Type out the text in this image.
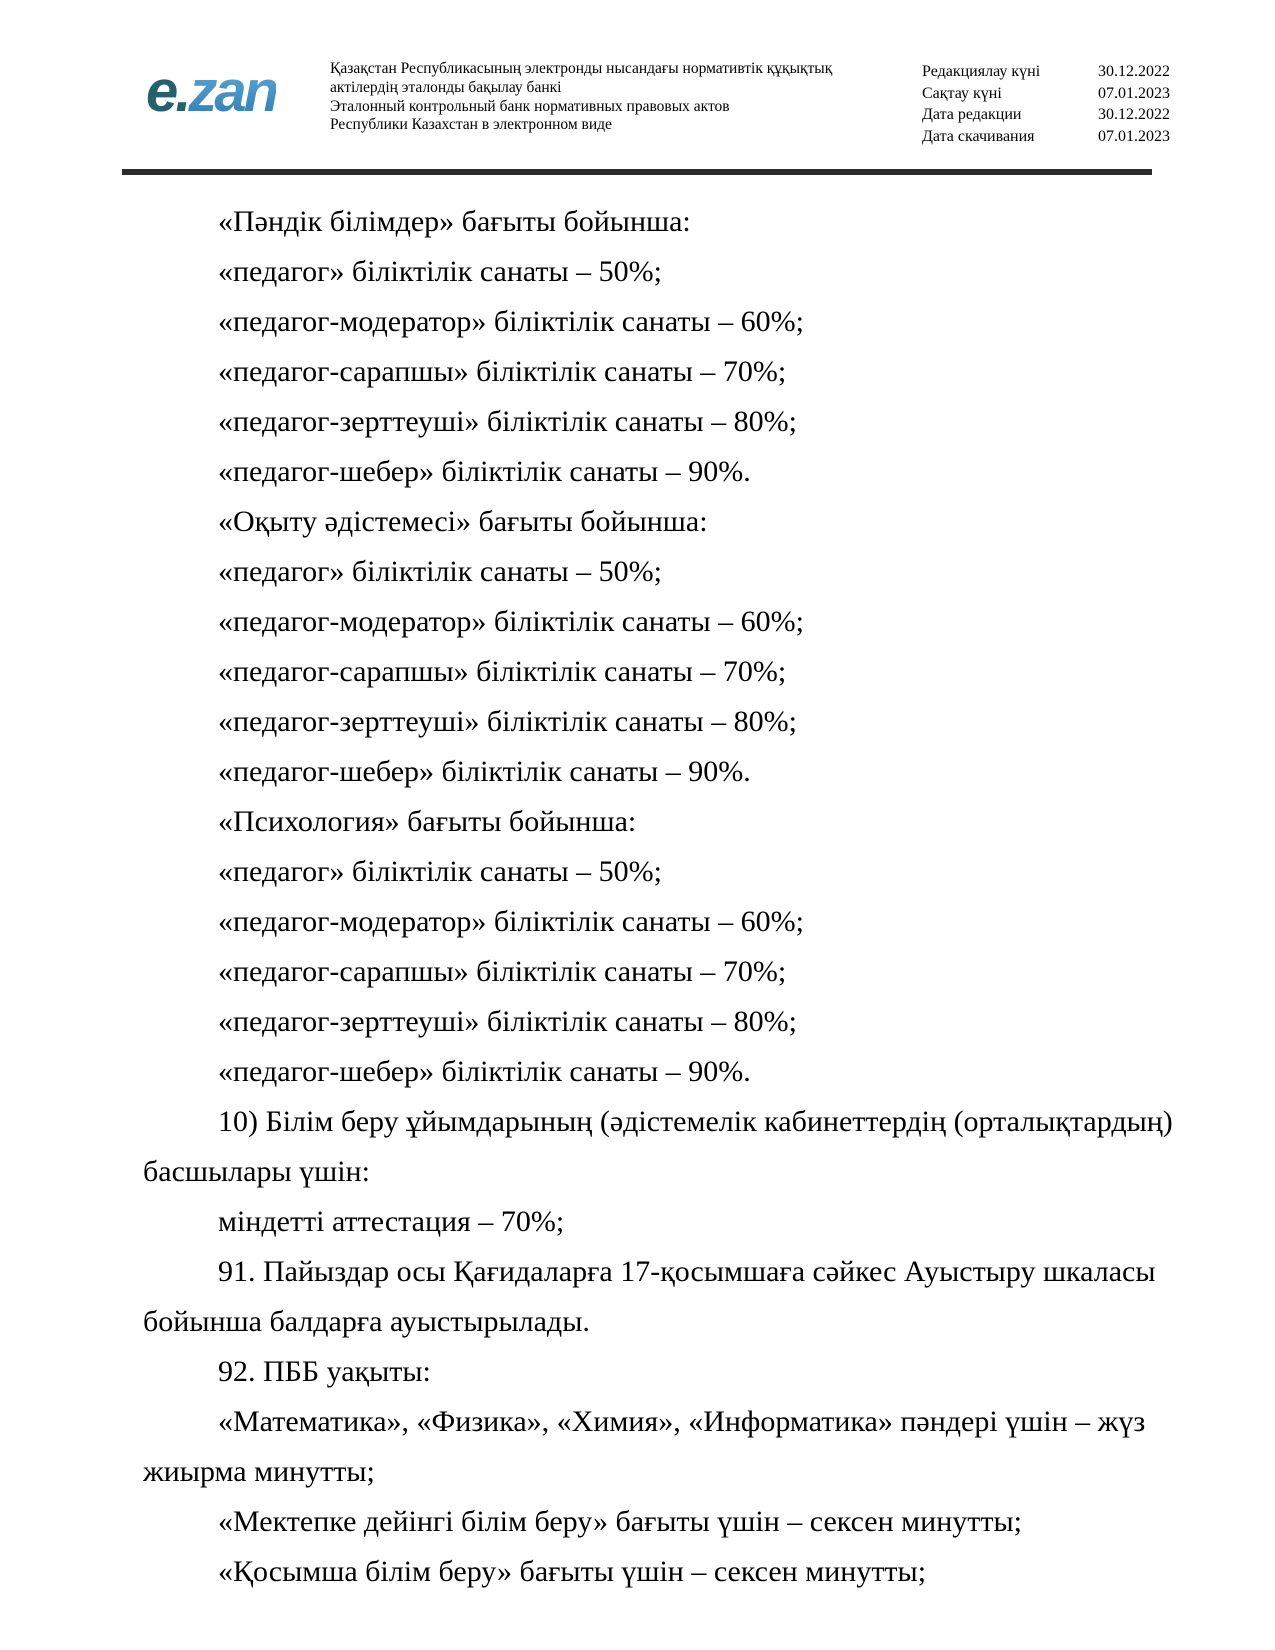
e.zan	Қазақстан Республикасының электронды нысандағы нормативтік құқықтық
актілердің эталонды бақылау банкі
Эталонный контрольный банк нормативных правовых актов
Республики Казахстан в электронном виде
Редакциялау күні	30.12.2022
Сақтау күні	07.01.2023
Дата редакции	30.12.2022
Дата скачивания	07.01.2023
«Пәндік білімдер» бағыты бойынша:
«педагог» біліктілік санаты – 50%;
«педагог-модератор» біліктілік санаты – 60%;
«педагог-сарапшы» біліктілік санаты – 70%;
«педагог-зерттеуші» біліктілік санаты – 80%;
«педагог-шебер» біліктілік санаты – 90%.
«Оқыту әдістемесі» бағыты бойынша:
«педагог» біліктілік санаты – 50%;
«педагог-модератор» біліктілік санаты – 60%;
«педагог-сарапшы» біліктілік санаты – 70%;
«педагог-зерттеуші» біліктілік санаты – 80%;
«педагог-шебер» біліктілік санаты – 90%.
«Психология» бағыты бойынша:
«педагог» біліктілік санаты – 50%;
«педагог-модератор» біліктілік санаты – 60%;
«педагог-сарапшы» біліктілік санаты – 70%;
«педагог-зерттеуші» біліктілік санаты – 80%;
«педагог-шебер» біліктілік санаты – 90%.
10) Білім беру ұйымдарының (әдістемелік кабинеттердің (орталықтардың)
басшылары үшін:
міндетті аттестация – 70%;
91. Пайыздар осы Қағидаларға 17-қосымшаға сәйкес Ауыстыру шкаласы
бойынша балдарға ауыстырылады.
92. ПББ уақыты:
«Математика», «Физика», «Химия», «Информатика» пәндері үшін – жүз
жиырма минутты;
«Мектепке дейінгі білім беру» бағыты үшін – сексен минутты;
«Қосымша білім беру» бағыты үшін – сексен минутты;
